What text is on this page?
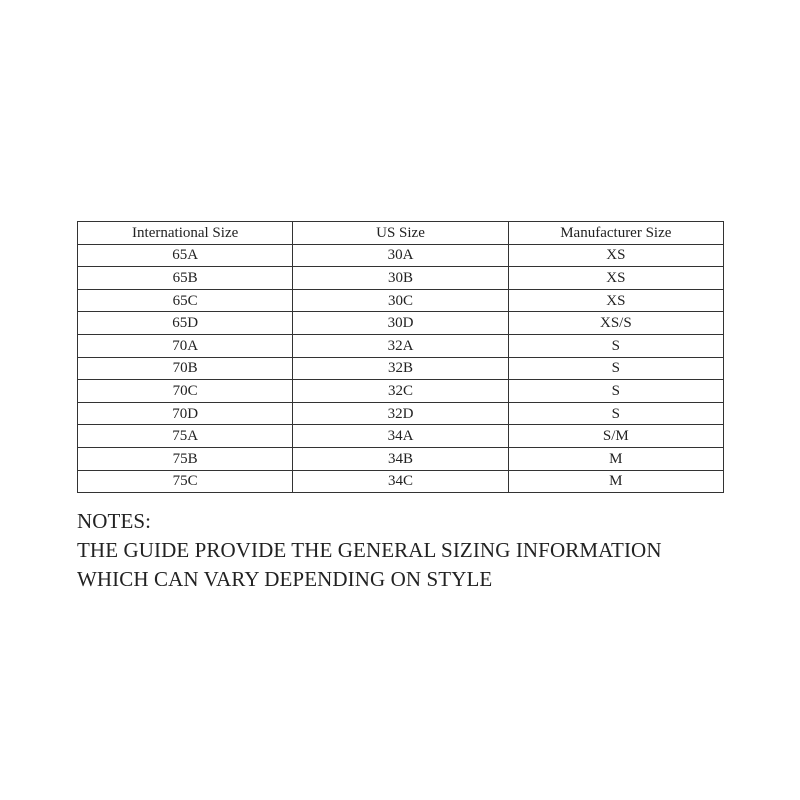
International Size	US Size	Manufacturer Size
65A	30A	XS
65B	30B	XS
65C	30C	XS
65D	30D	XS/S
70A	32A	S
70B	32B	S
70C	32C	S
70D	32D	S
75A	34A	S/M
75B	34B	M
75C	34C	M
NOTES:
THE GUIDE PROVIDE THE GENERAL SIZING INFORMATION
WHICH CAN VARY DEPENDING ON STYLE
